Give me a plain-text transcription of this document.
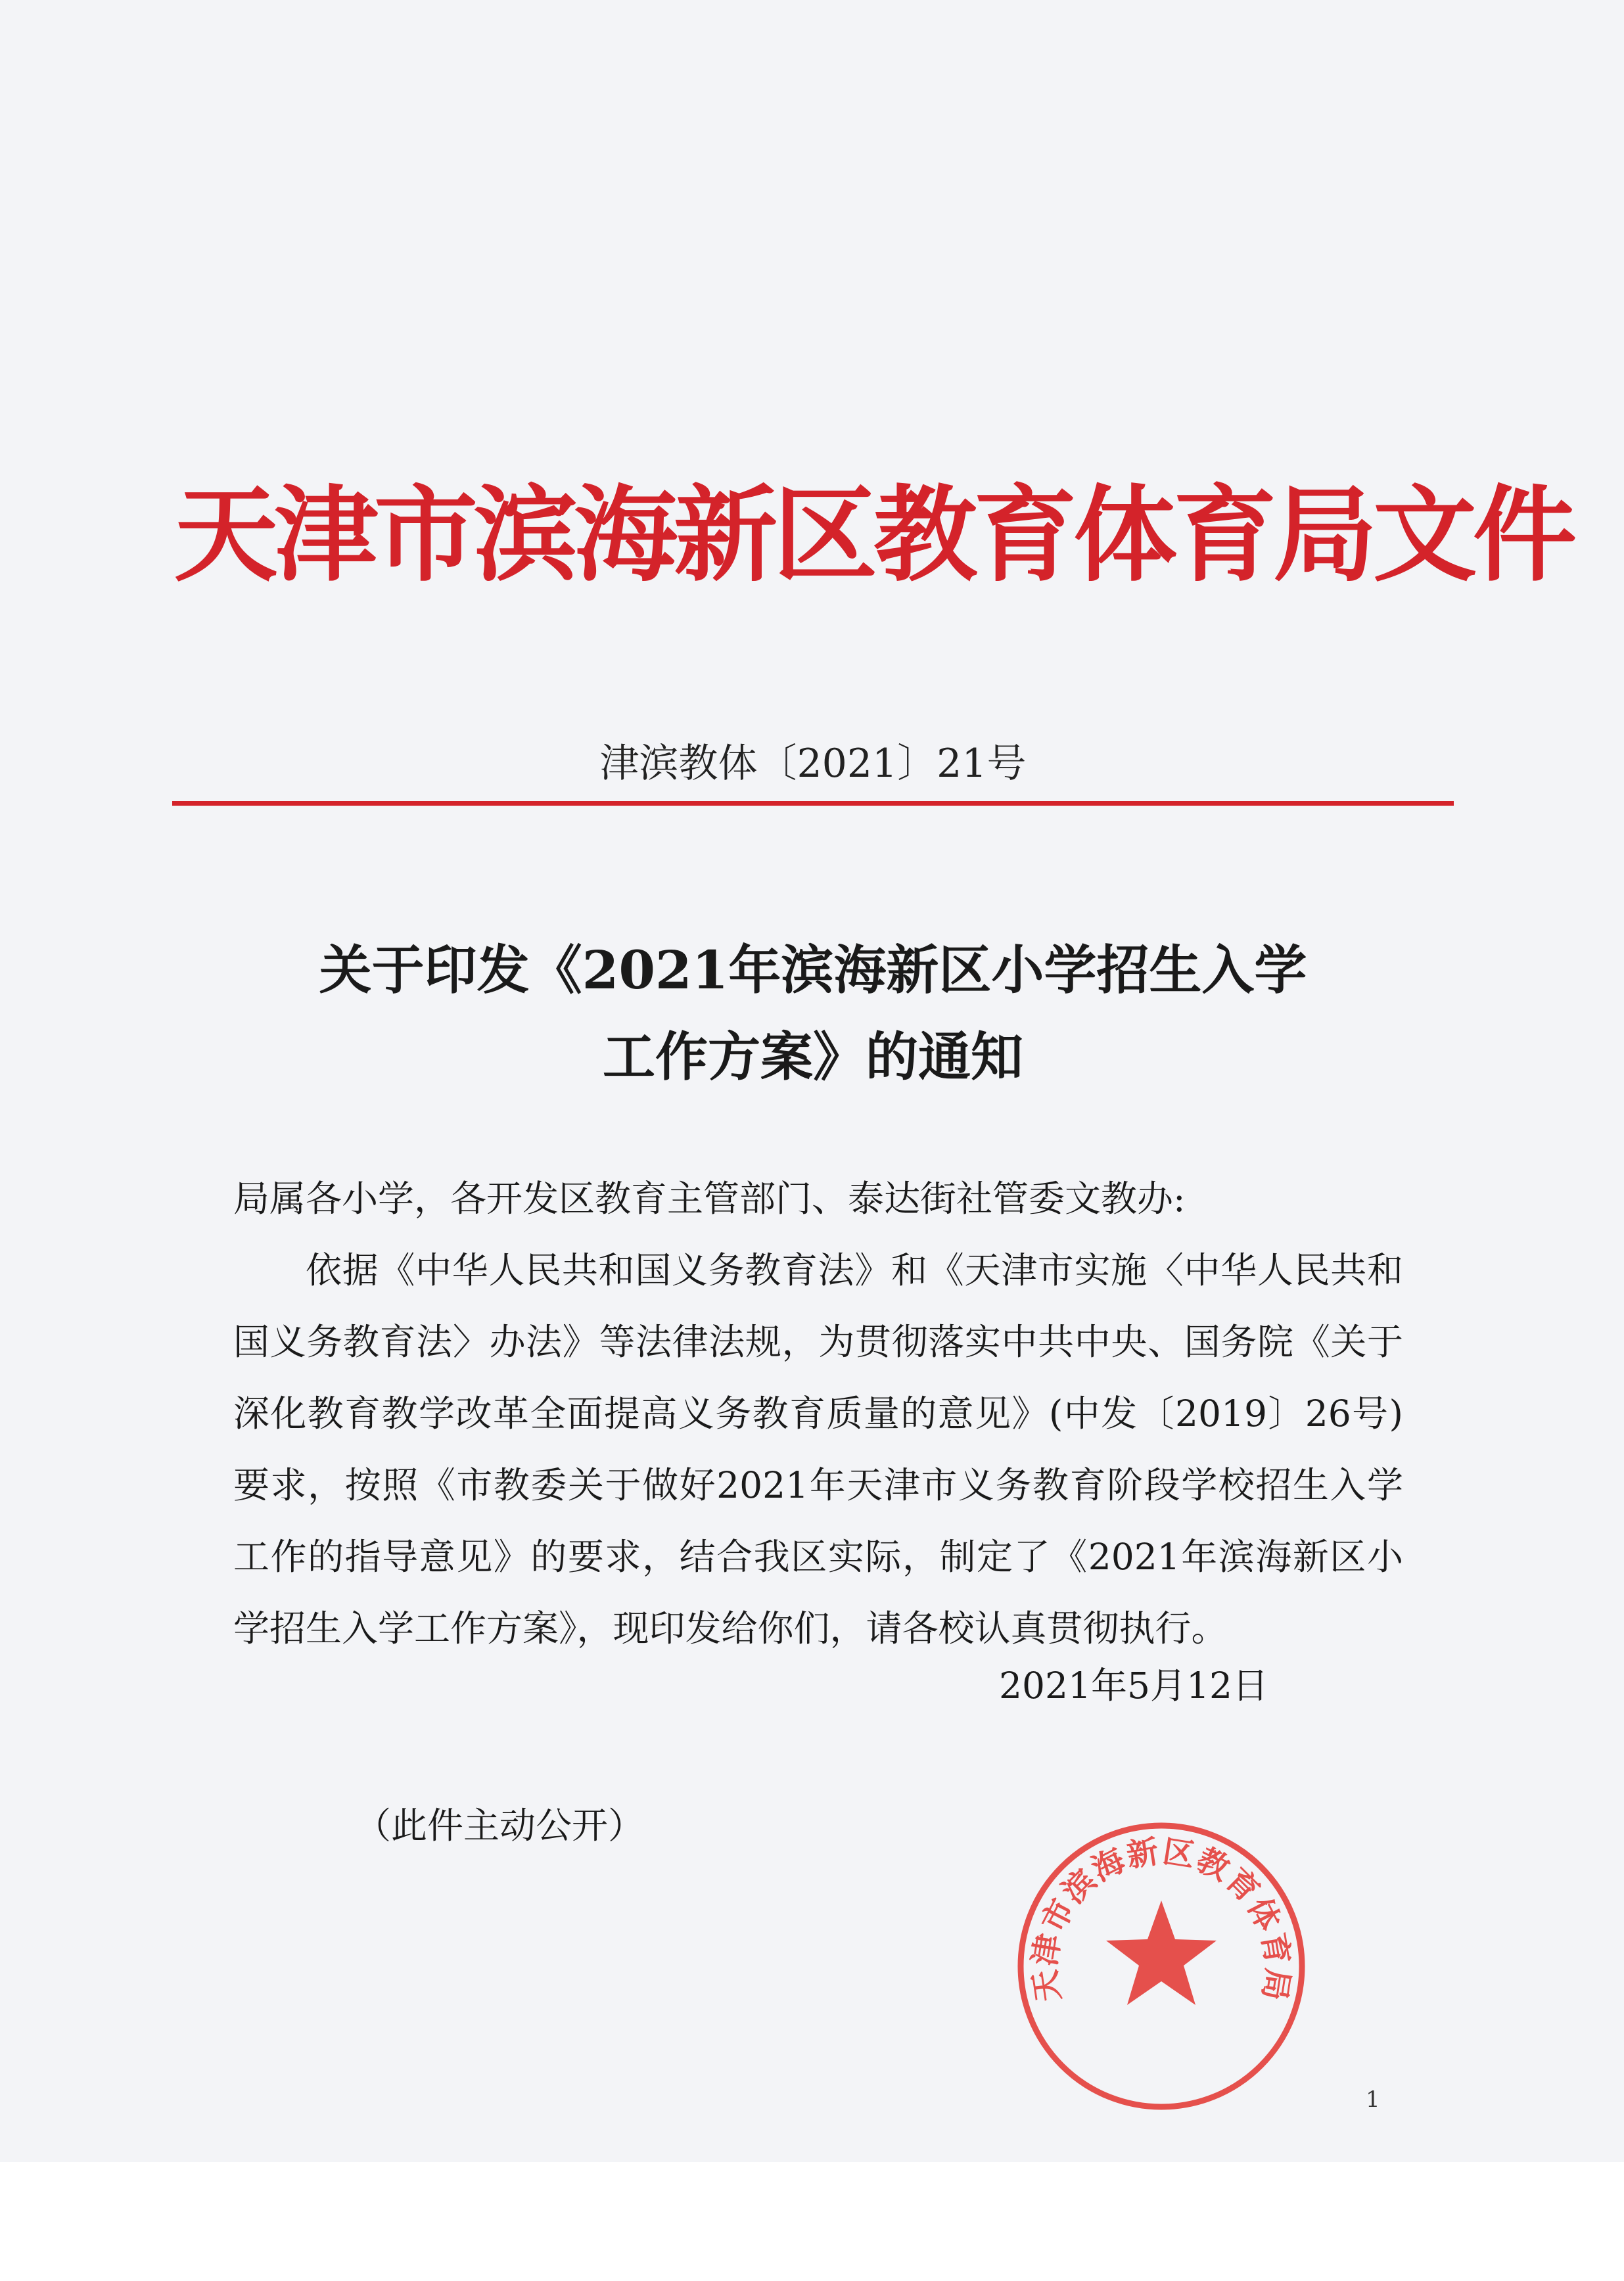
天津市滨海新区教育体育局文件
津滨教体〔2021〕21号
关于印发《2021年滨海新区小学招生入学
工作方案》的通知

局属各小学，各开发区教育主管部门、泰达街社管委文教办:

依据《中华人民共和国义务教育法》和《天津市实施〈中华人民共和国义务教育法〉办法》等法律法规，为贯彻落实中共中央、国务院《关于深化教育教学改革全面提高义务教育质量的意见》(中发〔2019〕26号)要求，按照《市教委关于做好2021年天津市义务教育阶段学校招生入学工作的指导意见》的要求，结合我区实际，制定了《2021年滨海新区小学招生入学工作方案》，现印发给你们，请各校认真贯彻执行。

2021年5月12日
（此件主动公开）
天津市滨海新区教育体育局
1
